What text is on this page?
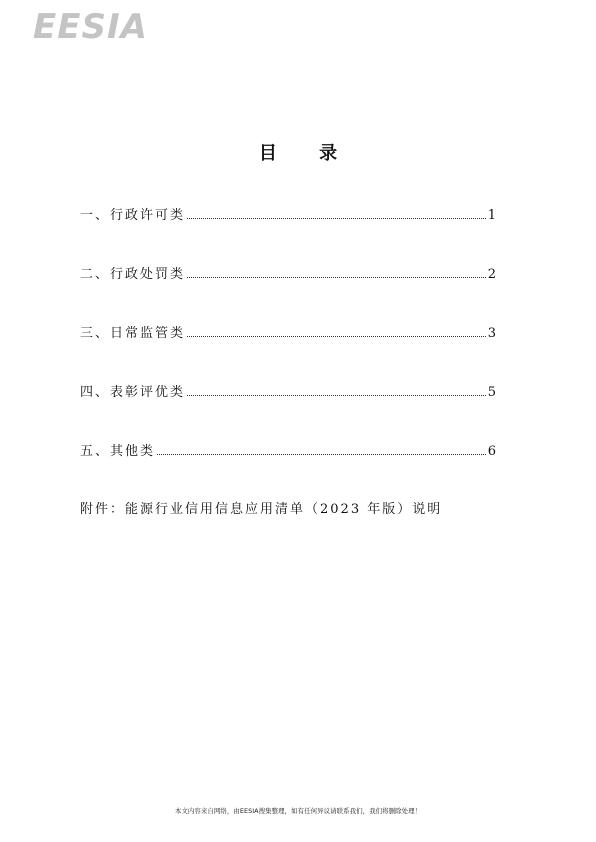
EESIA
目 录
一、行政许可类	1
二、行政处罚类	2
三、日常监管类	3
四、表彰评优类	5
五、其他类	6
附件：能源行业信用信息应用清单（2023 年版）说明
本文内容来自网络，由EESIA搜集整理，如有任何异议请联系我们，我们将删除处理！
